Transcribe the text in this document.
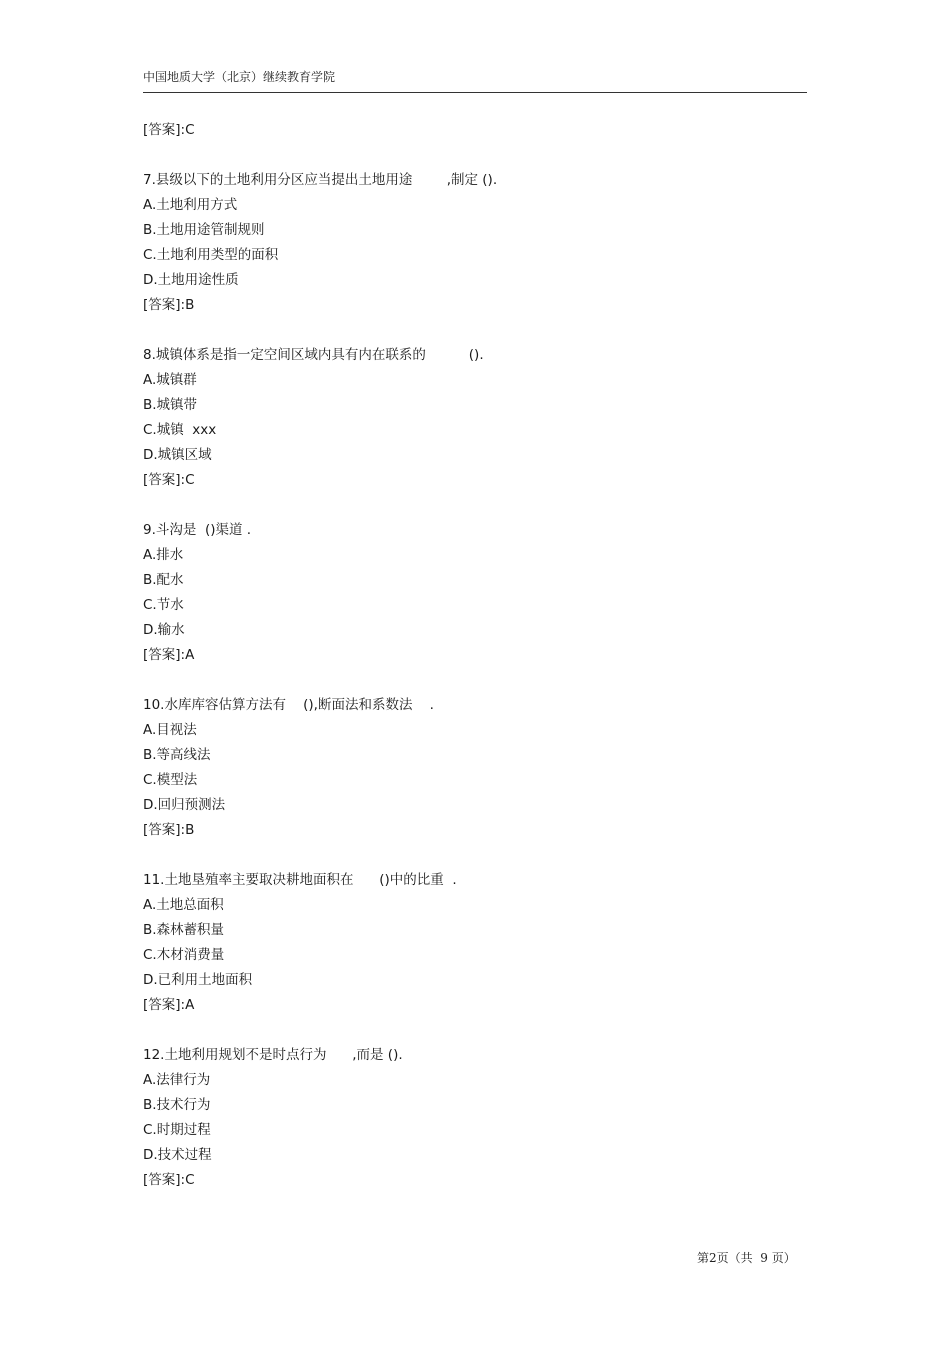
中国地质大学（北京）继续教育学院
[答案]:C
7.县级以下的土地利用分区应当提出土地用途        ,制定 ().
A.土地利用方式
B.土地用途管制规则
C.土地利用类型的面积
D.土地用途性质
[答案]:B
8.城镇体系是指一定空间区域内具有内在联系的          ().
A.城镇群
B.城镇带
C.城镇  xxx
D.城镇区域
[答案]:C
9.斗沟是  ()渠道 .
A.排水
B.配水
C.节水
D.输水
[答案]:A
10.水库库容估算方法有    (),断面法和系数法    .
A.目视法
B.等高线法
C.模型法
D.回归预测法
[答案]:B
11.土地垦殖率主要取决耕地面积在      ()中的比重  .
A.土地总面积
B.森林蓄积量
C.木材消费量
D.已利用土地面积
[答案]:A
12.土地利用规划不是时点行为      ,而是 ().
A.法律行为
B.技术行为
C.时期过程
D.技术过程
[答案]:C
第2页（共  9 页）
